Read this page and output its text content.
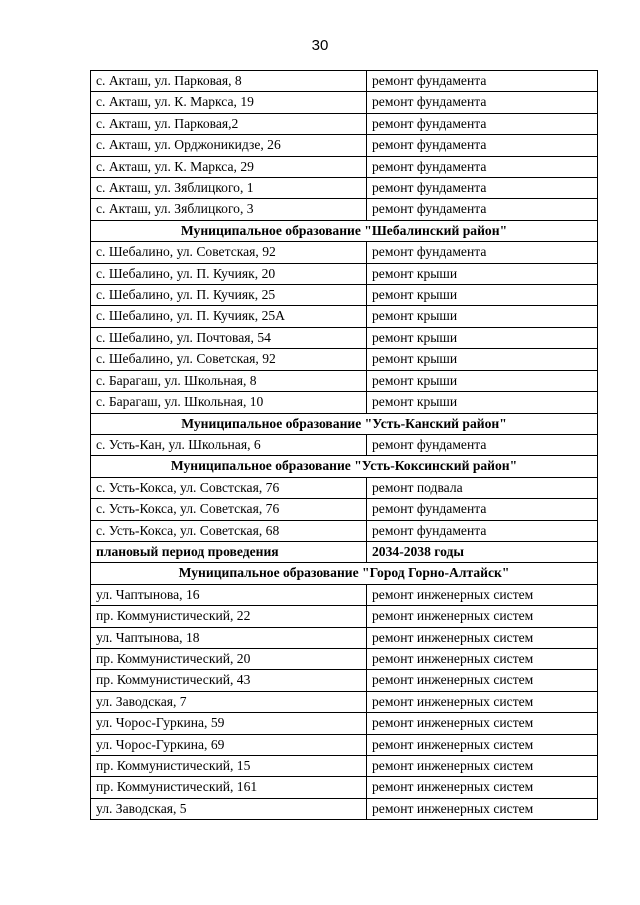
30
с. Акташ, ул. Парковая, 8	ремонт фундамента
с. Акташ, ул. К. Маркса, 19	ремонт фундамента
с. Акташ, ул. Парковая,2	ремонт фундамента
с. Акташ, ул. Орджоникидзе, 26	ремонт фундамента
с. Акташ, ул. К. Маркса, 29	ремонт фундамента
с. Акташ, ул. Зяблицкого, 1	ремонт фундамента
с. Акташ, ул. Зяблицкого, 3	ремонт фундамента
Муниципальное образование "Шебалинский район"	
с. Шебалино, ул. Советская, 92	ремонт фундамента
с. Шебалино, ул. П. Кучияк, 20	ремонт крыши
с. Шебалино, ул. П. Кучияк, 25	ремонт крыши
с. Шебалино, ул. П. Кучияк, 25А	ремонт крыши
с. Шебалино, ул. Почтовая, 54	ремонт крыши
с. Шебалино, ул. Советская, 92	ремонт крыши
с. Барагаш, ул. Школьная, 8	ремонт крыши
с. Барагаш, ул. Школьная, 10	ремонт крыши
Муниципальное образование "Усть-Канский район"	
с. Усть-Кан, ул. Школьная, 6	ремонт фундамента
Муниципальное образование "Усть-Коксинский район"	
с. Усть-Кокса, ул. Совстская, 76	ремонт подвала
с. Усть-Кокса, ул. Советская, 76	ремонт фундамента
с. Усть-Кокса, ул. Советская, 68	ремонт фундамента
плановый период проведения	2034-2038 годы
Муниципальное образование "Город Горно-Алтайск"	
ул. Чаптынова, 16	ремонт инженерных систем
пр. Коммунистический, 22	ремонт инженерных систем
ул. Чаптынова, 18	ремонт инженерных систем
пр. Коммунистический, 20	ремонт инженерных систем
пр. Коммунистический, 43	ремонт инженерных систем
ул. Заводская, 7	ремонт инженерных систем
ул. Чорос-Гуркина, 59	ремонт инженерных систем
ул. Чорос-Гуркина, 69	ремонт инженерных систем
пр. Коммунистический, 15	ремонт инженерных систем
пр. Коммунистический, 161	ремонт инженерных систем
ул. Заводская, 5	ремонт инженерных систем
